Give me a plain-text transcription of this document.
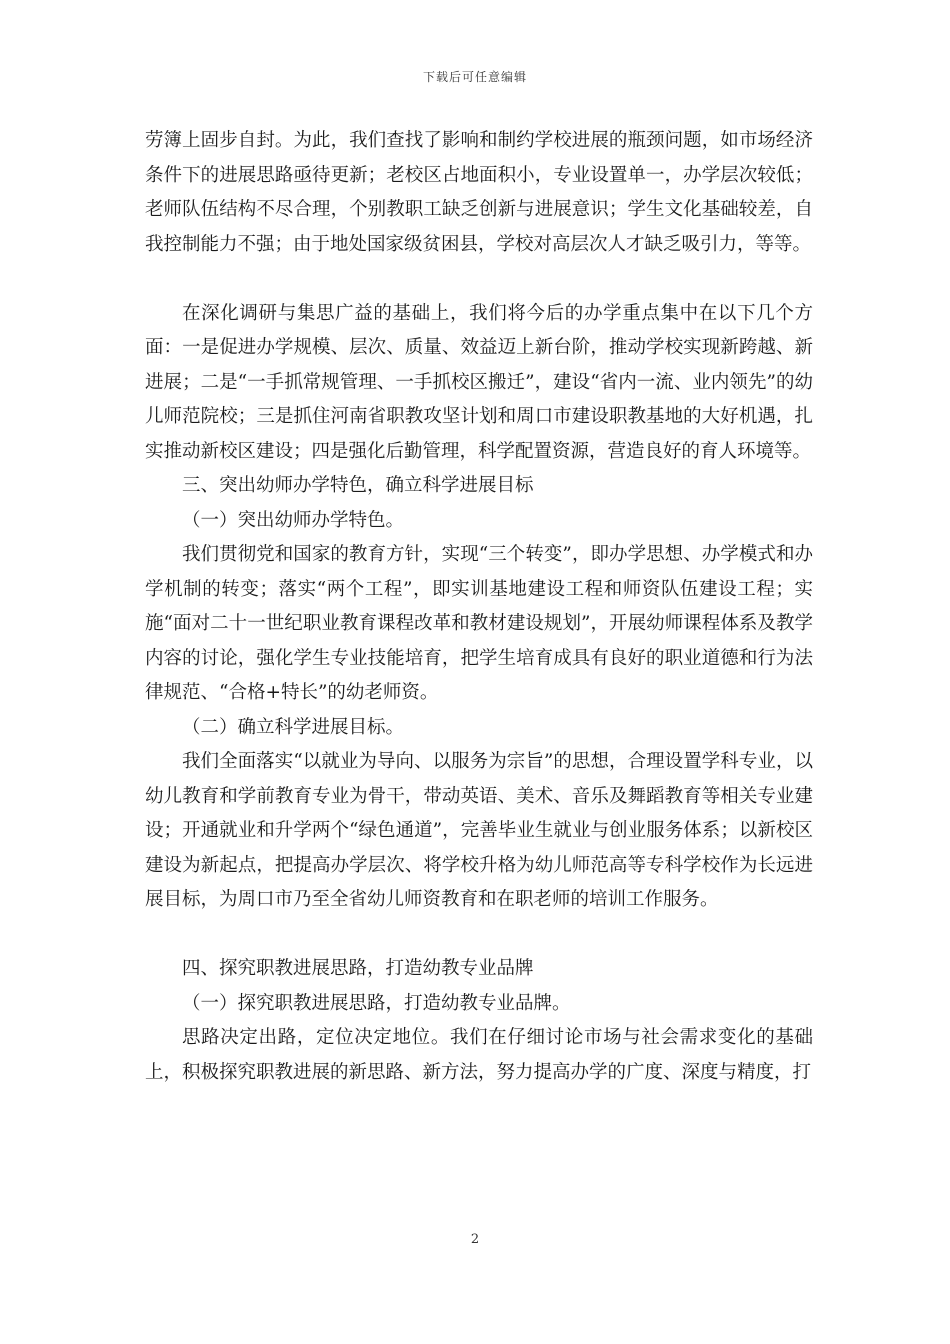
下载后可任意编辑

劳簿上固步自封。为此，我们查找了影响和制约学校进展的瓶颈问题，如市场经济条件下的进展思路亟待更新；老校区占地面积小，专业设置单一，办学层次较低；老师队伍结构不尽合理，个别教职工缺乏创新与进展意识；学生文化基础较差，自我控制能力不强；由于地处国家级贫困县，学校对高层次人才缺乏吸引力，等等。

在深化调研与集思广益的基础上，我们将今后的办学重点集中在以下几个方面：一是促进办学规模、层次、质量、效益迈上新台阶，推动学校实现新跨越、新进展；二是“一手抓常规管理、一手抓校区搬迁”，建设“省内一流、业内领先”的幼儿师范院校；三是抓住河南省职教攻坚计划和周口市建设职教基地的大好机遇，扎实推动新校区建设；四是强化后勤管理，科学配置资源，营造良好的育人环境等。

三、突出幼师办学特色，确立科学进展目标

（一）突出幼师办学特色。

我们贯彻党和国家的教育方针，实现“三个转变”，即办学思想、办学模式和办学机制的转变；落实“两个工程”，即实训基地建设工程和师资队伍建设工程；实施“面对二十一世纪职业教育课程改革和教材建设规划”，开展幼师课程体系及教学内容的讨论，强化学生专业技能培育，把学生培育成具有良好的职业道德和行为法律规范、“合格+特长”的幼老师资。

（二）确立科学进展目标。

我们全面落实“以就业为导向、以服务为宗旨”的思想，合理设置学科专业，以幼儿教育和学前教育专业为骨干，带动英语、美术、音乐及舞蹈教育等相关专业建设；开通就业和升学两个“绿色通道”，完善毕业生就业与创业服务体系；以新校区建设为新起点，把提高办学层次、将学校升格为幼儿师范高等专科学校作为长远进展目标，为周口市乃至全省幼儿师资教育和在职老师的培训工作服务。

四、探究职教进展思路，打造幼教专业品牌

（一）探究职教进展思路，打造幼教专业品牌。

思路决定出路，定位决定地位。我们在仔细讨论市场与社会需求变化的基础上，积极探究职教进展的新思路、新方法，努力提高办学的广度、深度与精度，打

2
